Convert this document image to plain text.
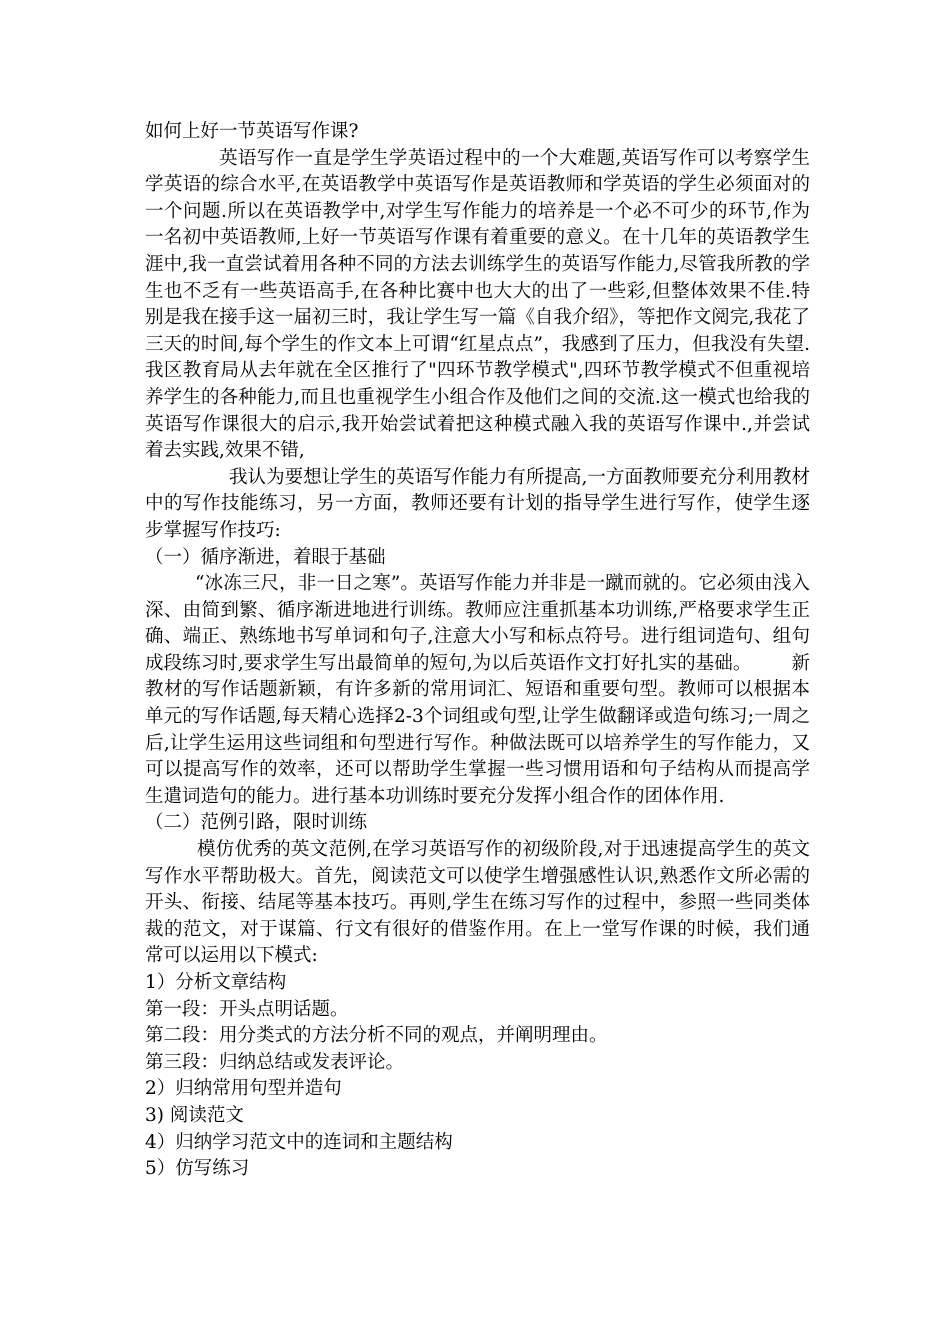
如何上好一节英语写作课?

英语写作一直是学生学英语过程中的一个大难题,英语写作可以考察学生学英语的综合水平,在英语教学中英语写作是英语教师和学英语的学生必须面对的一个问题.所以在英语教学中,对学生写作能力的培养是一个必不可少的环节,作为一名初中英语教师,上好一节英语写作课有着重要的意义。在十几年的英语教学生涯中,我一直尝试着用各种不同的方法去训练学生的英语写作能力,尽管我所教的学生也不乏有一些英语高手,在各种比赛中也大大的出了一些彩,但整体效果不佳.特别是我在接手这一届初三时，我让学生写一篇《自我介绍》，等把作文阅完,我花了三天的时间,每个学生的作文本上可谓“红星点点”，我感到了压力，但我没有失望.我区教育局从去年就在全区推行了"四环节教学模式",四环节教学模式不但重视培养学生的各种能力,而且也重视学生小组合作及他们之间的交流.这一模式也给我的英语写作课很大的启示,我开始尝试着把这种模式融入我的英语写作课中.,并尝试着去实践,效果不错,

我认为要想让学生的英语写作能力有所提高,一方面教师要充分利用教材中的写作技能练习，另一方面，教师还要有计划的指导学生进行写作，使学生逐步掌握写作技巧:

（一）循序渐进，着眼于基础

“冰冻三尺，非一日之寒”。英语写作能力并非是一蹴而就的。它必须由浅入深、由简到繁、循序渐进地进行训练。教师应注重抓基本功训练,严格要求学生正确、端正、熟练地书写单词和句子,注意大小写和标点符号。进行组词造句、组句成段练习时,要求学生写出最简单的短句,为以后英语作文打好扎实的基础。 新教材的写作话题新颖，有许多新的常用词汇、短语和重要句型。教师可以根据本单元的写作话题,每天精心选择2-3个词组或句型,让学生做翻译或造句练习;一周之后,让学生运用这些词组和句型进行写作。种做法既可以培养学生的写作能力，又可以提高写作的效率，还可以帮助学生掌握一些习惯用语和句子结构从而提高学生遣词造句的能力。进行基本功训练时要充分发挥小组合作的团体作用.

（二）范例引路，限时训练

模仿优秀的英文范例,在学习英语写作的初级阶段,对于迅速提高学生的英文写作水平帮助极大。首先，阅读范文可以使学生增强感性认识,熟悉作文所必需的开头、衔接、结尾等基本技巧。再则,学生在练习写作的过程中，参照一些同类体裁的范文，对于谋篇、行文有很好的借鉴作用。在上一堂写作课的时候，我们通常可以运用以下模式:

1）分析文章结构

第一段：开头点明话题。

第二段：用分类式的方法分析不同的观点，并阐明理由。

第三段：归纳总结或发表评论。

2）归纳常用句型并造句

3) 阅读范文

4）归纳学习范文中的连词和主题结构

5）仿写练习
